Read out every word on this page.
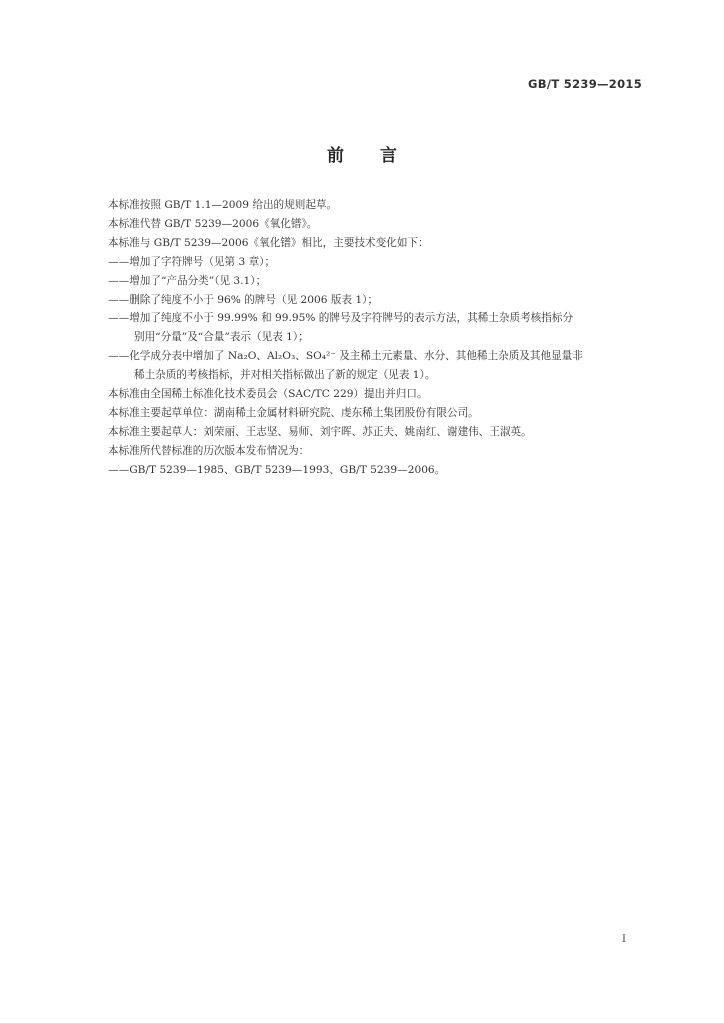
GB/T 5239—2015
前 言

本标准按照 GB/T 1.1—2009 给出的规则起草。

本标准代替 GB/T 5239—2006《氧化镨》。

本标准与 GB/T 5239—2006《氧化镨》相比，主要技术变化如下：

——增加了字符牌号（见第 3 章）；

——增加了“产品分类”（见 3.1）；

——删除了纯度不小于 96% 的牌号（见 2006 版表 1）；

——增加了纯度不小于 99.99% 和 99.95% 的牌号及字符牌号的表示方法，其稀土杂质考核指标分

别用“分量”及“合量”表示（见表 1）；

——化学成分表中增加了 Na₂O、Al₂O₃、SO₄²⁻ 及主稀土元素量、水分、其他稀土杂质及其他显量非

稀土杂质的考核指标，并对相关指标做出了新的规定（见表 1）。

本标准由全国稀土标准化技术委员会（SAC/TC 229）提出并归口。

本标准主要起草单位：湖南稀土金属材料研究院、虔东稀土集团股份有限公司。

本标准主要起草人：刘荣丽、王志坚、易师、刘宇晖、苏正夫、姚南红、谢建伟、王淑英。

本标准所代替标准的历次版本发布情况为：

——GB/T 5239—1985、GB/T 5239—1993、GB/T 5239—2006。

I
